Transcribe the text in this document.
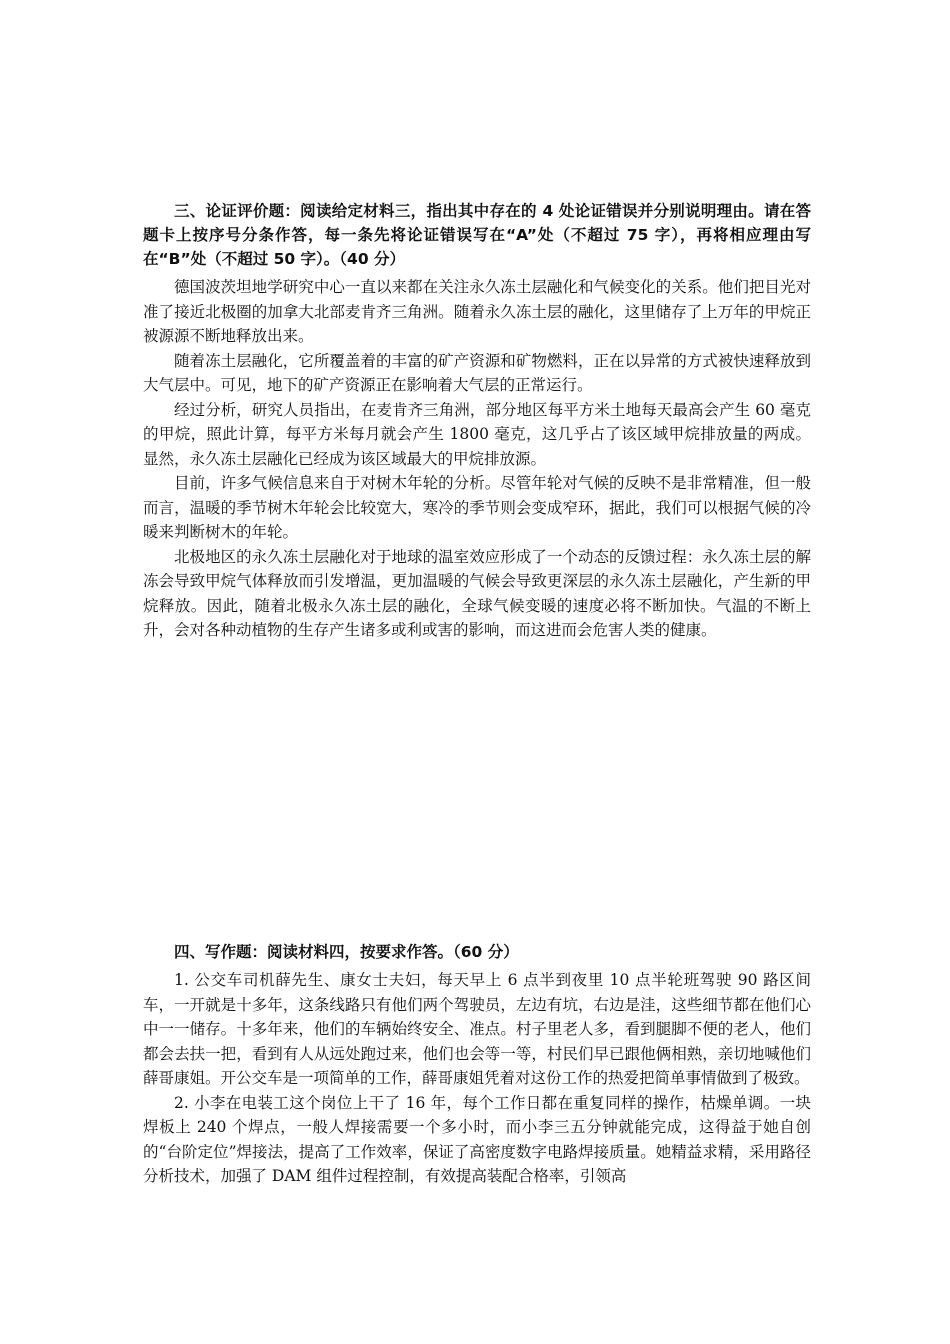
三、论证评价题：阅读给定材料三，指出其中存在的 4 处论证错误并分别说明理由。请在答题卡上按序号分条作答，每一条先将论证错误写在“A”处（不超过 75 字），再将相应理由写在“B”处（不超过 50 字）。（40 分）

德国波茨坦地学研究中心一直以来都在关注永久冻土层融化和气候变化的关系。他们把目光对准了接近北极圈的加拿大北部麦肯齐三角洲。随着永久冻土层的融化，这里储存了上万年的甲烷正被源源不断地释放出来。

随着冻土层融化，它所覆盖着的丰富的矿产资源和矿物燃料，正在以异常的方式被快速释放到大气层中。可见，地下的矿产资源正在影响着大气层的正常运行。

经过分析，研究人员指出，在麦肯齐三角洲，部分地区每平方米土地每天最高会产生 60 毫克的甲烷，照此计算，每平方米每月就会产生 1800 毫克，这几乎占了该区域甲烷排放量的两成。显然，永久冻土层融化已经成为该区域最大的甲烷排放源。

目前，许多气候信息来自于对树木年轮的分析。尽管年轮对气候的反映不是非常精准，但一般而言，温暖的季节树木年轮会比较宽大，寒冷的季节则会变成窄环，据此，我们可以根据气候的冷暖来判断树木的年轮。

北极地区的永久冻土层融化对于地球的温室效应形成了一个动态的反馈过程：永久冻土层的解冻会导致甲烷气体释放而引发增温，更加温暖的气候会导致更深层的永久冻土层融化，产生新的甲烷释放。因此，随着北极永久冻土层的融化，全球气候变暖的速度必将不断加快。气温的不断上升，会对各种动植物的生存产生诸多或利或害的影响，而这进而会危害人类的健康。

四、写作题：阅读材料四，按要求作答。（60 分）

1. 公交车司机薛先生、康女士夫妇，每天早上 6 点半到夜里 10 点半轮班驾驶 90 路区间车，一开就是十多年，这条线路只有他们两个驾驶员，左边有坑，右边是洼，这些细节都在他们心中一一储存。十多年来，他们的车辆始终安全、准点。村子里老人多，看到腿脚不便的老人，他们都会去扶一把，看到有人从远处跑过来，他们也会等一等，村民们早已跟他俩相熟，亲切地喊他们薛哥康姐。开公交车是一项简单的工作，薛哥康姐凭着对这份工作的热爱把简单事情做到了极致。

2. 小李在电装工这个岗位上干了 16 年，每个工作日都在重复同样的操作，枯燥单调。一块焊板上 240 个焊点，一般人焊接需要一个多小时，而小李三五分钟就能完成，这得益于她自创的“台阶定位”焊接法，提高了工作效率，保证了高密度数字电路焊接质量。她精益求精，采用路径分析技术，加强了 DAM 组件过程控制，有效提高装配合格率，引领高
